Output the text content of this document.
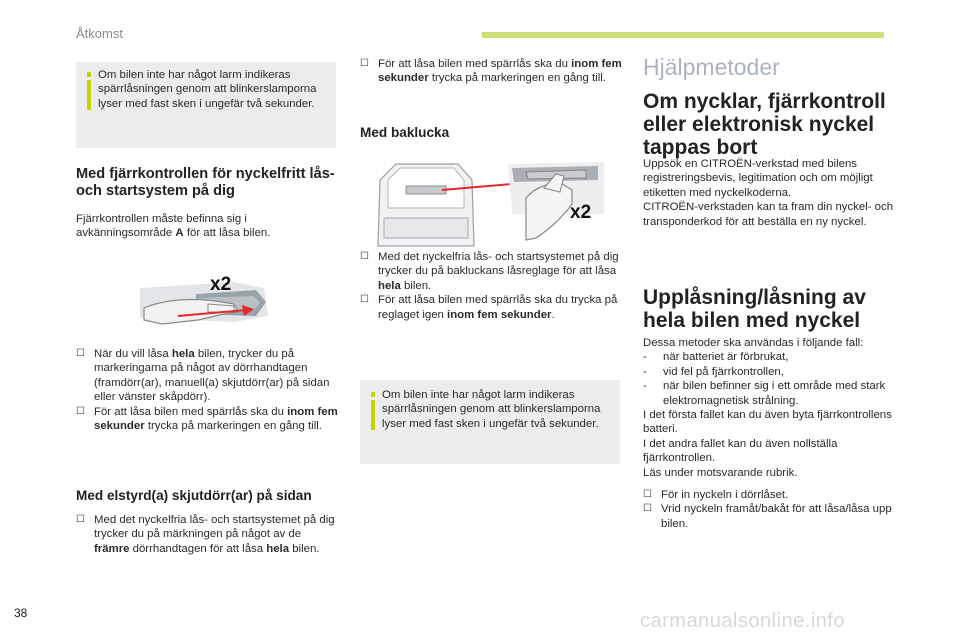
Åtkomst
Om bilen inte har något larm indikeras spärrlåsningen genom att blinkerslamporna lyser med fast sken i ungefär två sekunder.
Med fjärrkontrollen för nyckelfritt lås- och startsystem på dig
Fjärrkontrollen måste befinna sig i avkänningsområde A för att låsa bilen.
x2
☐ När du vill låsa hela bilen, trycker du på markeringarna på något av dörrhandtagen (framdörr(ar), manuell(a) skjutdörr(ar) på sidan eller vänster skåpdörr).
☐ För att låsa bilen med spärrlås ska du inom fem sekunder trycka på markeringen en gång till.
Med elstyrd(a) skjutdörr(ar) på sidan
☐ Med det nyckelfria lås- och startsystemet på dig trycker du på märkningen på något av de främre dörrhandtagen för att låsa hela bilen.
☐ För att låsa bilen med spärrlås ska du inom fem sekunder trycka på markeringen en gång till.
Med baklucka
x2
☐ Med det nyckelfria lås- och startsystemet på dig trycker du på bakluckans låsreglage för att låsa hela bilen.
☐ För att låsa bilen med spärrlås ska du trycka på reglaget igen inom fem sekunder.
Om bilen inte har något larm indikeras spärrlåsningen genom att blinkerslamporna lyser med fast sken i ungefär två sekunder.
Hjälpmetoder
Om nycklar, fjärrkontroll eller elektronisk nyckel tappas bort
Uppsök en CITROËN-verkstad med bilens registreringsbevis, legitimation och om möjligt etiketten med nyckelkoderna.
CITROËN-verkstaden kan ta fram din nyckel- och transponderkod för att beställa en ny nyckel.
Upplåsning/låsning av hela bilen med nyckel
Dessa metoder ska användas i följande fall:
-	när batteriet är förbrukat,
-	vid fel på fjärrkontrollen,
-	när bilen befinner sig i ett område med stark elektromagnetisk strålning.
I det första fallet kan du även byta fjärrkontrollens batteri.
I det andra fallet kan du även nollställa fjärrkontrollen.
Läs under motsvarande rubrik.
☐ För in nyckeln i dörrlåset.
☐ Vrid nyckeln framåt/bakåt för att låsa/låsa upp bilen.
38	carmanualsonline.info
